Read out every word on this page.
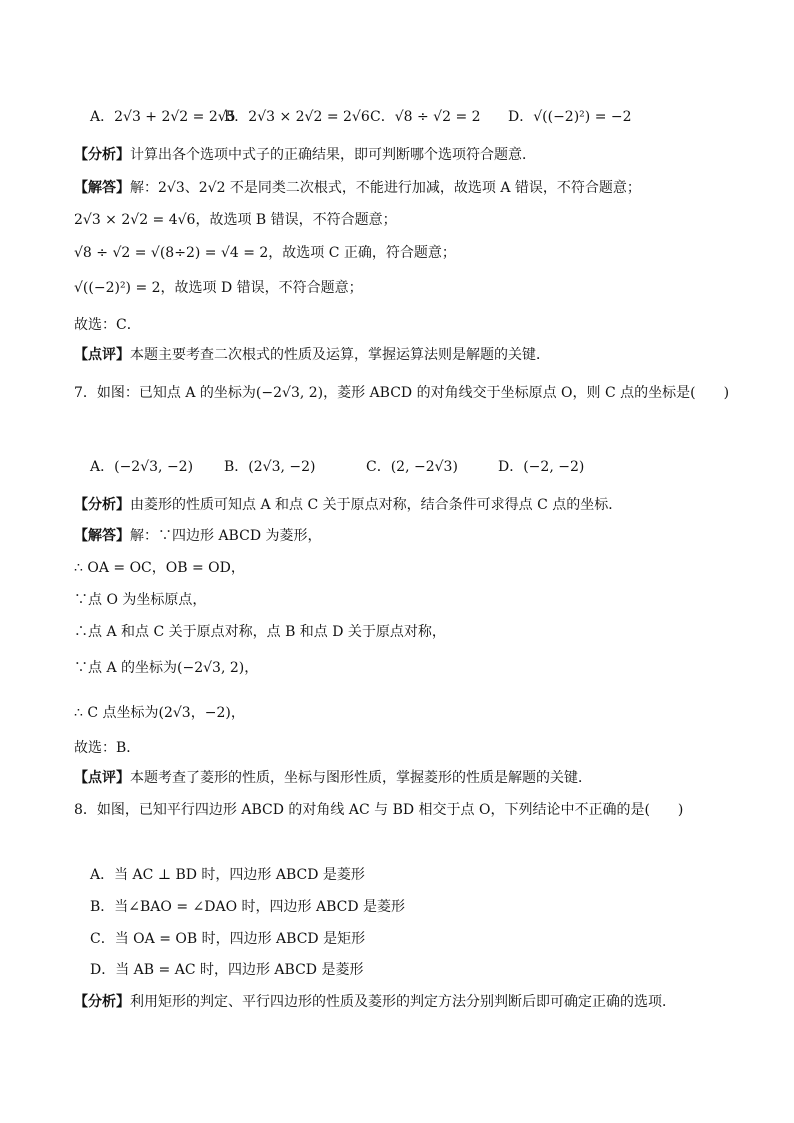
A．2√3 + 2√2 = 2√5
B．2√3 × 2√2 = 2√6 C．√8 ÷ √2 = 2	D．√((−2)²) = −2
【分析】计算出各个选项中式子的正确结果，即可判断哪个选项符合题意．
【解答】解：2√3、2√2 不是同类二次根式，不能进行加减，故选项 A 错误，不符合题意；
2√3 × 2√2 = 4√6，故选项 B 错误，不符合题意；
√8 ÷ √2 = √(8÷2) = √4 = 2，故选项 C 正确，符合题意；
√((−2)²) = 2，故选项 D 错误，不符合题意；
故选：C．
【点评】本题主要考查二次根式的性质及运算，掌握运算法则是解题的关键．
7．如图：已知点 A 的坐标为(−2√3, 2)，菱形 ABCD 的对角线交于坐标原点 O，则 C 点的坐标是(　　)
A．(−2√3, −2)	B．(2√3, −2)	C．(2, −2√3)	D．(−2, −2)
【分析】由菱形的性质可知点 A 和点 C 关于原点对称，结合条件可求得点 C 点的坐标．
【解答】解：∵四边形 ABCD 为菱形，
∴ OA = OC，OB = OD，
∵点 O 为坐标原点，
∴点 A 和点 C 关于原点对称，点 B 和点 D 关于原点对称，
∵点 A 的坐标为(−2√3, 2)，
∴ C 点坐标为(2√3，−2)，
故选：B．
【点评】本题考查了菱形的性质，坐标与图形性质，掌握菱形的性质是解题的关键．
8．如图，已知平行四边形 ABCD 的对角线 AC 与 BD 相交于点 O，下列结论中不正确的是(　　)
A．当 AC ⊥ BD 时，四边形 ABCD 是菱形
B．当∠BAO = ∠DAO 时，四边形 ABCD 是菱形
C．当 OA = OB 时，四边形 ABCD 是矩形
D．当 AB = AC 时，四边形 ABCD 是菱形
【分析】利用矩形的判定、平行四边形的性质及菱形的判定方法分别判断后即可确定正确的选项．
